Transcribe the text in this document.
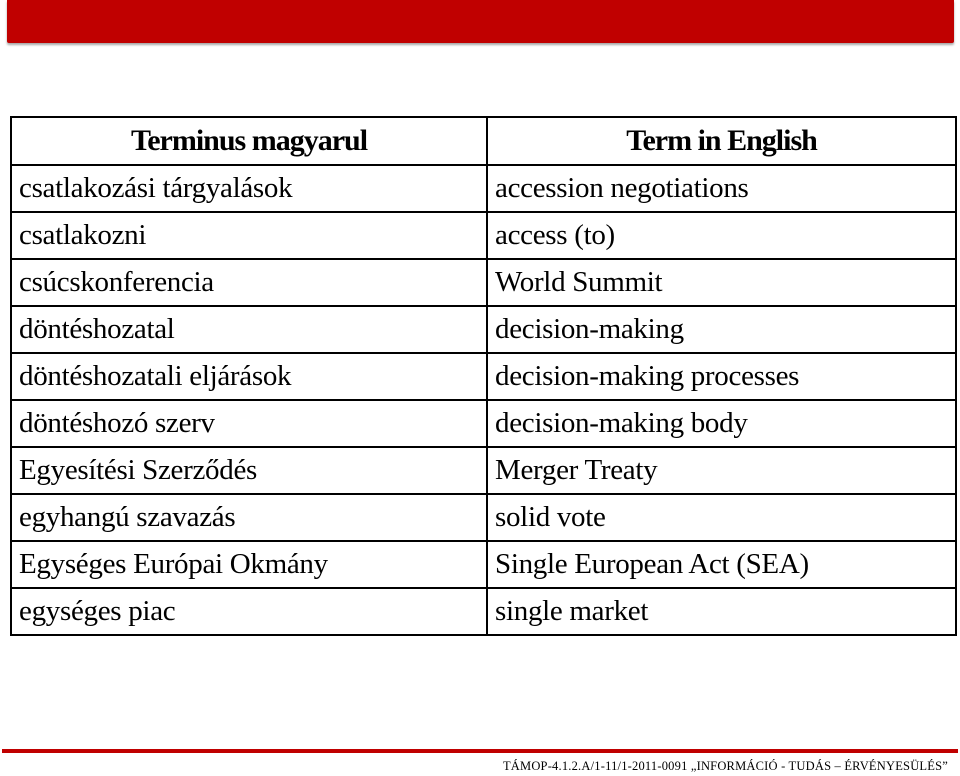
Terminus magyarul	Term in English
csatlakozási tárgyalások	accession negotiations
csatlakozni	access (to)
csúcskonferencia	World Summit
döntéshozatal	decision-making
döntéshozatali eljárások	decision-making processes
döntéshozó szerv	decision-making body
Egyesítési Szerződés	Merger Treaty
egyhangú szavazás	solid vote
Egységes Európai Okmány	Single European Act (SEA)
egységes piac	single market
TÁMOP-4.1.2.A/1-11/1-2011-0091 „INFORMÁCIÓ - TUDÁS – ÉRVÉNYESÜLÉS”
